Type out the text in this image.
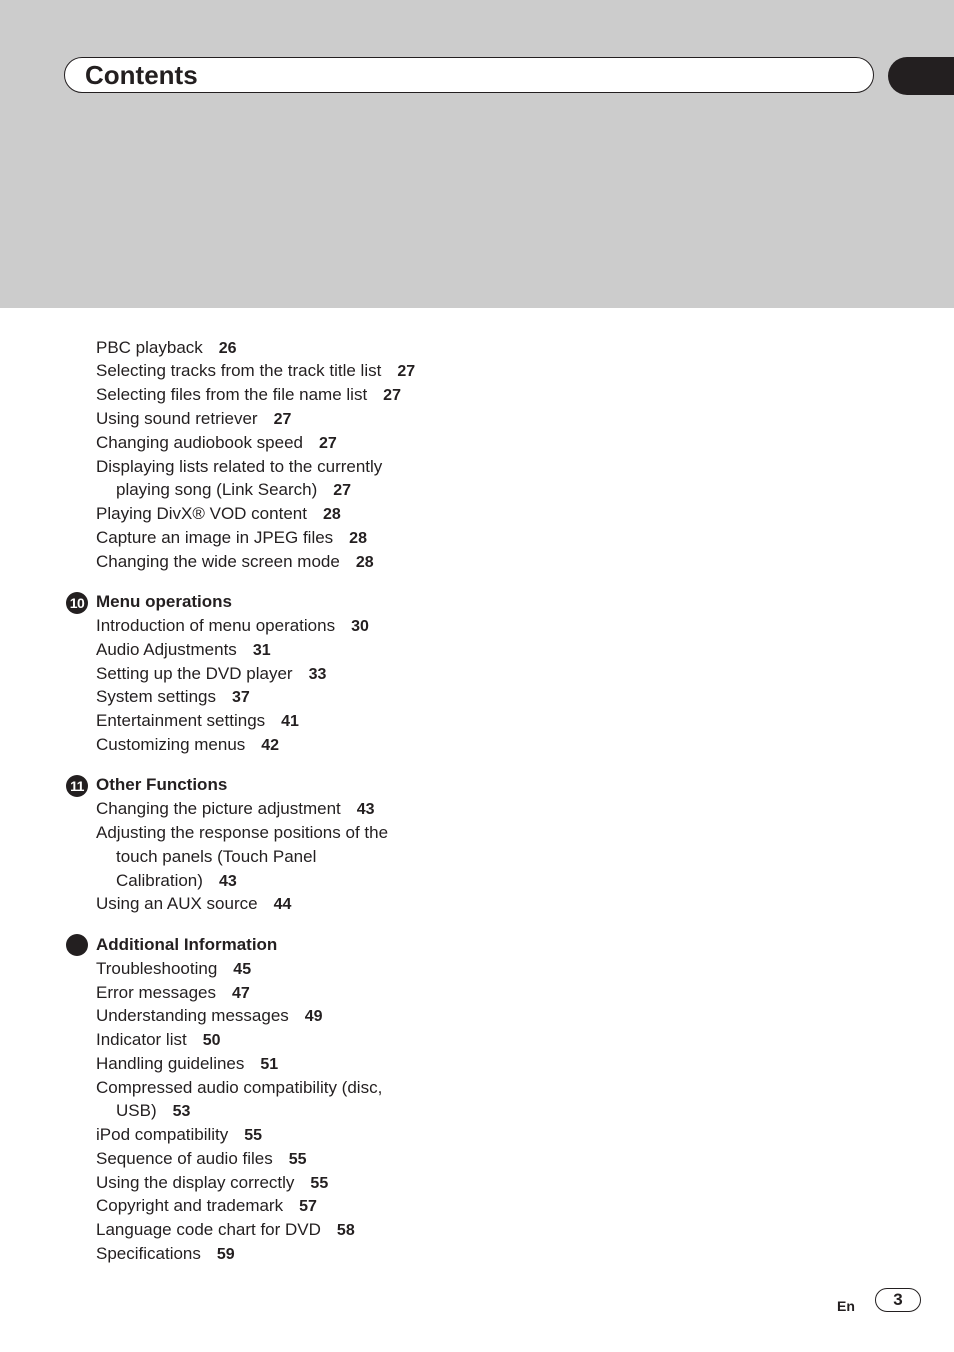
Contents
PBC playback 26
Selecting tracks from the track title list 27
Selecting files from the file name list 27
Using sound retriever 27
Changing audiobook speed 27
Displaying lists related to the currently
playing song (Link Search) 27
Playing DivX® VOD content 28
Capture an image in JPEG files 28
Changing the wide screen mode 28
10 Menu operations
Introduction of menu operations 30
Audio Adjustments 31
Setting up the DVD player 33
System settings 37
Entertainment settings 41
Customizing menus 42
11 Other Functions
Changing the picture adjustment 43
Adjusting the response positions of the
touch panels (Touch Panel
Calibration) 43
Using an AUX source 44
Additional Information
Troubleshooting 45
Error messages 47
Understanding messages 49
Indicator list 50
Handling guidelines 51
Compressed audio compatibility (disc,
USB) 53
iPod compatibility 55
Sequence of audio files 55
Using the display correctly 55
Copyright and trademark 57
Language code chart for DVD 58
Specifications 59
En	3
